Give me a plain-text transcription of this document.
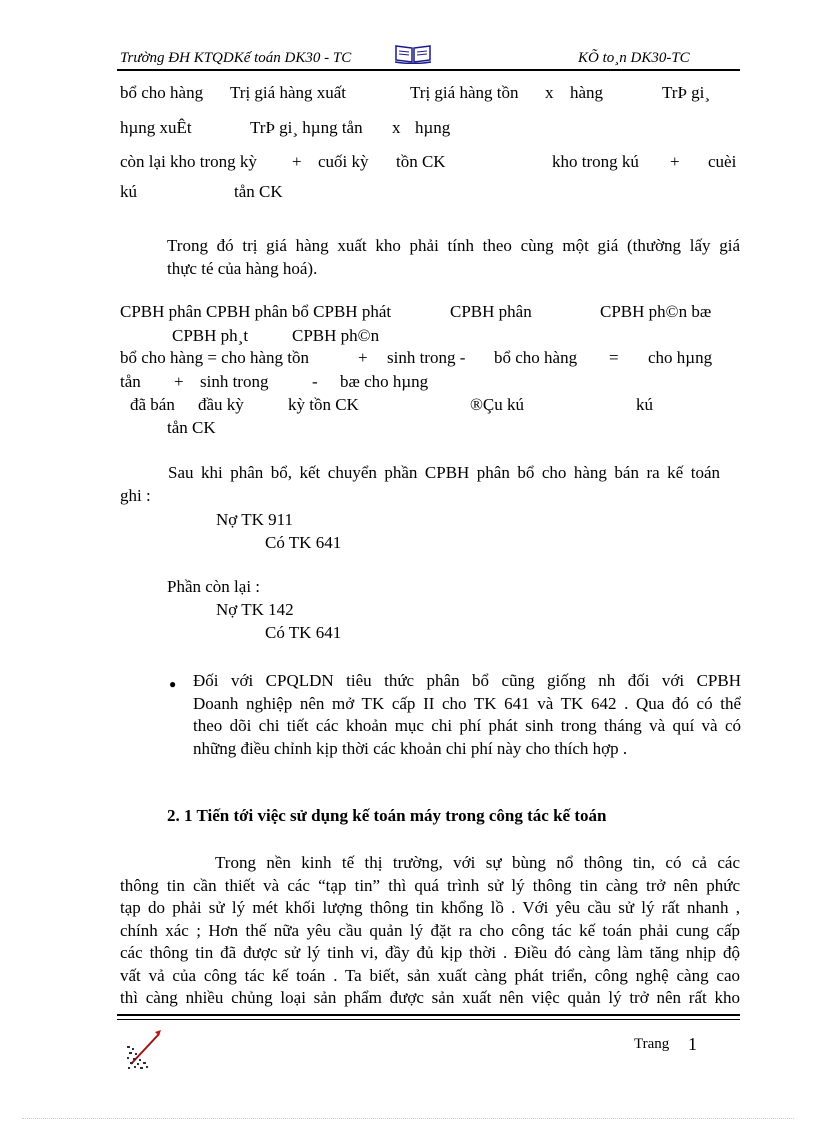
Trường ĐH KTQDKế toán DK30 - TC	KÕ to¸n DK30-TC
bổ cho hàng Trị giá hàng xuất	Trị giá hàng tồn x hàng	TrÞ gi¸
hµng xuÊt	TrÞ gi¸ hµng tån x hµng
còn lại kho trong kỳ + cuối kỳ tồn CK	kho trong kú + cuèi
kú	tån CK
Trong đó trị giá hàng xuất kho phải tính theo cùng một giá (thường lấy giá
thực té của hàng hoá).
CPBH phân CPBH phân bổ CPBH phát	CPBH phân	CPBH ph©n bæ
CPBH ph¸t	CPBH ph©n
bổ cho hàng = cho hàng tồn	+ sinh trong - bổ cho hàng = cho hµng
tån + sinh trong	- bæ cho hµng
đã bán đầu kỳ	kỳ tồn CK	®Çu kú	kú
tån CK
Sau khi phân bổ, kết chuyển phần CPBH phân bổ cho hàng bán ra kế toán
ghi :
Nợ TK 911
Có TK 641
Phần còn lại :
Nợ TK 142
Có TK 641
● Đối với CPQLDN tiêu thức phân bổ cũng giống nh đối với CPBH
Doanh nghiệp nên mở TK cấp II cho TK 641 và TK 642 . Qua đó có thể
theo dõi chi tiết các khoản mục chi phí phát sinh trong tháng và quí và có
những điều chỉnh kịp thời các khoản chi phí này cho thích hợp .
2. 1 Tiến tới việc sử dụng kế toán máy trong công tác kế toán
Trong nền kinh tế thị trường, với sự bùng nổ thông tin, có cả các
thông tin cần thiết và các “tạp tin” thì quá trình sử lý thông tin càng trở nên phức
tạp do phải sử lý mét khối lượng thông tin khổng lồ . Với yêu cầu sử lý rất nhanh ,
chính xác ; Hơn thế nữa yêu cầu quản lý đặt ra cho công tác kế toán phải cung cấp
các thông tin đã được sử lý tinh vi, đầy đủ kịp thời . Điều đó càng làm tăng nhịp độ
vất vả của công tác kế toán . Ta biết, sản xuất càng phát triển, công nghệ càng cao
thì càng nhiều chủng loại sản phẩm được sản xuất nên việc quản lý trở nên rất kho
Trang 1
